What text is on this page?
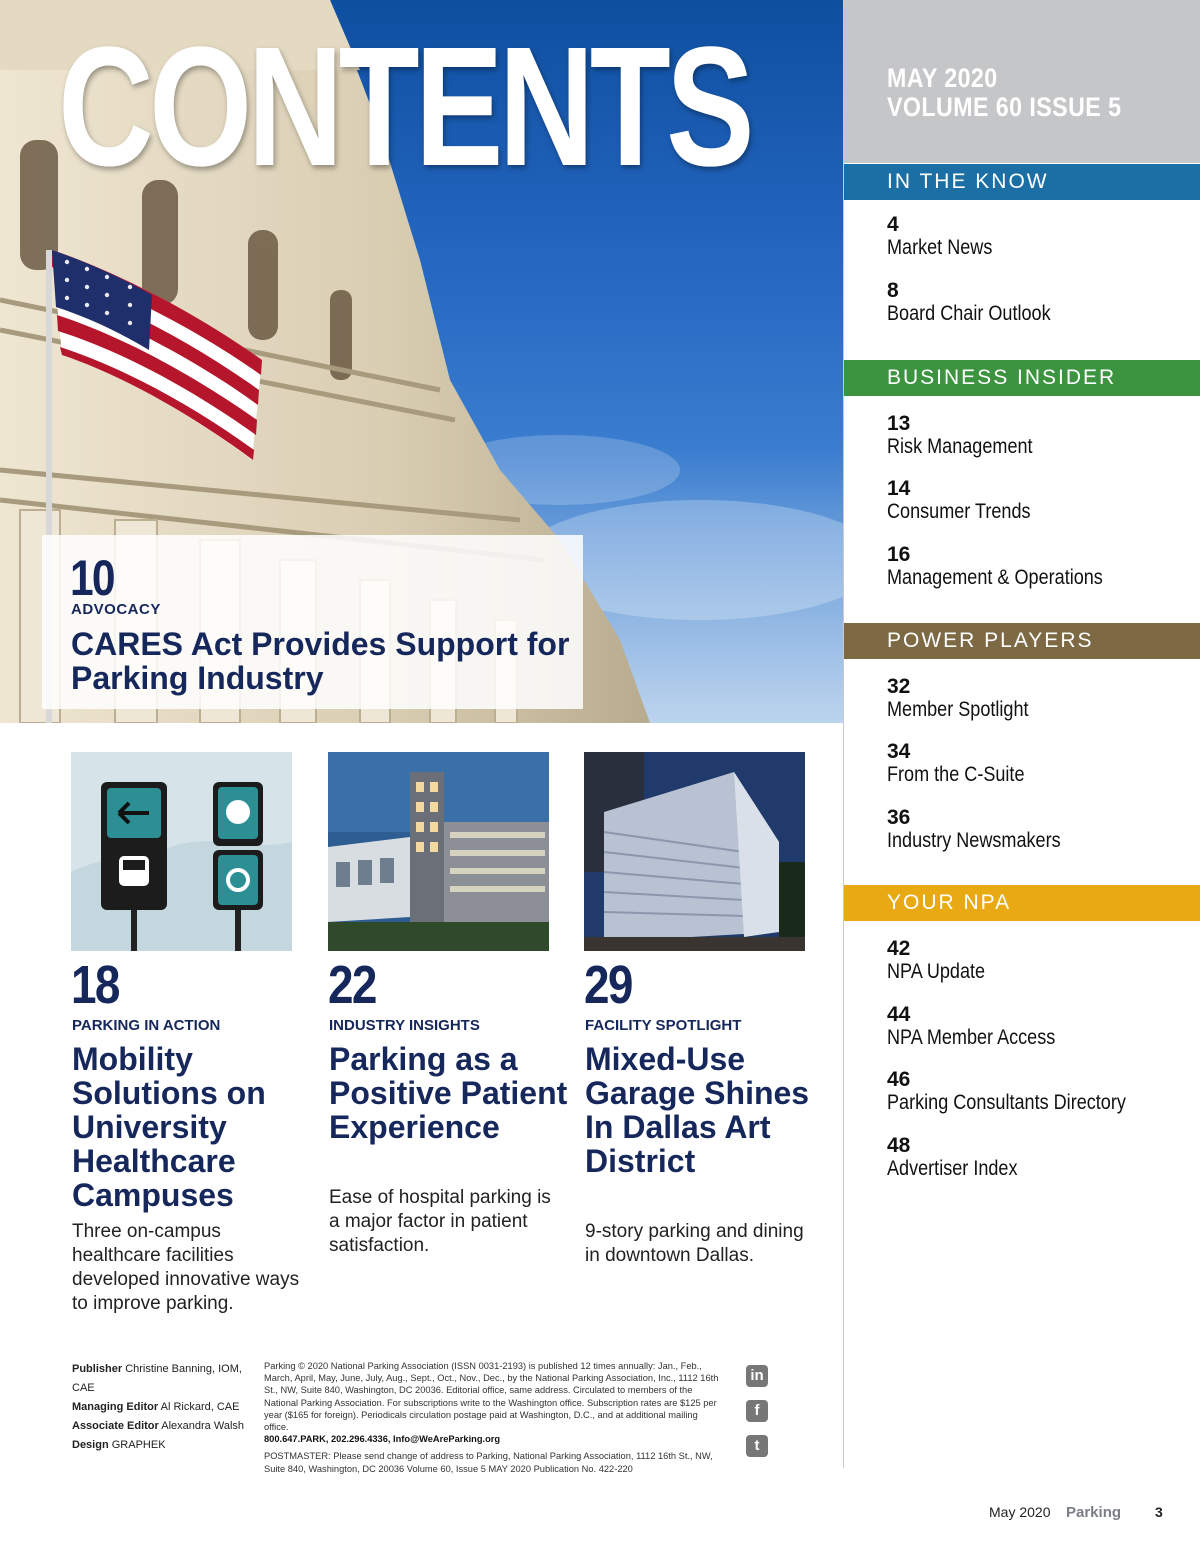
CONTENTS
10
ADVOCACY
CARES Act Provides Support for Parking Industry
MAY 2020
VOLUME 60 ISSUE 5
IN THE KNOW
4
Market News
8
Board Chair Outlook
BUSINESS INSIDER
13
Risk Management
14
Consumer Trends
16
Management & Operations
POWER PLAYERS
32
Member Spotlight
34
From the C-Suite
36
Industry Newsmakers
YOUR NPA
42
NPA Update
44
NPA Member Access
46
Parking Consultants Directory
48
Advertiser Index
18
PARKING IN ACTION
Mobility Solutions on University Healthcare Campuses
Three on-campus healthcare facilities developed innovative ways to improve parking.
22
INDUSTRY INSIGHTS
Parking as a Positive Patient Experience
Ease of hospital parking is a major factor in patient satisfaction.
29
FACILITY SPOTLIGHT
Mixed-Use Garage Shines In Dallas Art District
9-story parking and dining in downtown Dallas.
Publisher Christine Banning, IOM, CAE
Managing Editor Al Rickard, CAE
Associate Editor Alexandra Walsh
Design GRAPHEK

Parking © 2020 National Parking Association (ISSN 0031-2193) is published 12 times annually: Jan., Feb., March, April, May, June, July, Aug., Sept., Oct., Nov., Dec., by the National Parking Association, Inc., 1112 16th St., NW, Suite 840, Washington, DC 20036. Editorial office, same address. Circulated to members of the National Parking Association. For subscriptions write to the Washington office. Subscription rates are $125 per year ($165 for foreign). Periodicals circulation postage paid at Washington, D.C., and at additional mailing office.
800.647.PARK, 202.296.4336, Info@WeAreParking.org

POSTMASTER: Please send change of address to Parking, National Parking Association, 1112 16th St., NW, Suite 840, Washington, DC 20036 Volume 60, Issue 5 MAY 2020 Publication No. 422-220

in
f
t
May 2020 Parking 3
